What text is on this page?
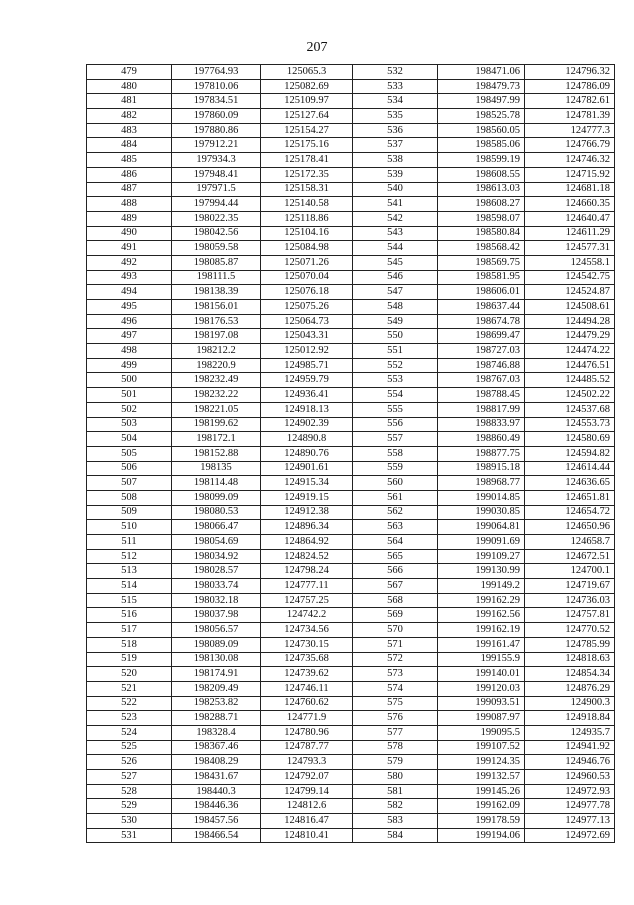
207
479	197764.93	125065.3	532	198471.06	124796.32
480	197810.06	125082.69	533	198479.73	124786.09
481	197834.51	125109.97	534	198497.99	124782.61
482	197860.09	125127.64	535	198525.78	124781.39
483	197880.86	125154.27	536	198560.05	124777.3
484	197912.21	125175.16	537	198585.06	124766.79
485	197934.3	125178.41	538	198599.19	124746.32
486	197948.41	125172.35	539	198608.55	124715.92
487	197971.5	125158.31	540	198613.03	124681.18
488	197994.44	125140.58	541	198608.27	124660.35
489	198022.35	125118.86	542	198598.07	124640.47
490	198042.56	125104.16	543	198580.84	124611.29
491	198059.58	125084.98	544	198568.42	124577.31
492	198085.87	125071.26	545	198569.75	124558.1
493	198111.5	125070.04	546	198581.95	124542.75
494	198138.39	125076.18	547	198606.01	124524.87
495	198156.01	125075.26	548	198637.44	124508.61
496	198176.53	125064.73	549	198674.78	124494.28
497	198197.08	125043.31	550	198699.47	124479.29
498	198212.2	125012.92	551	198727.03	124474.22
499	198220.9	124985.71	552	198746.88	124476.51
500	198232.49	124959.79	553	198767.03	124485.52
501	198232.22	124936.41	554	198788.45	124502.22
502	198221.05	124918.13	555	198817.99	124537.68
503	198199.62	124902.39	556	198833.97	124553.73
504	198172.1	124890.8	557	198860.49	124580.69
505	198152.88	124890.76	558	198877.75	124594.82
506	198135	124901.61	559	198915.18	124614.44
507	198114.48	124915.34	560	198968.77	124636.65
508	198099.09	124919.15	561	199014.85	124651.81
509	198080.53	124912.38	562	199030.85	124654.72
510	198066.47	124896.34	563	199064.81	124650.96
511	198054.69	124864.92	564	199091.69	124658.7
512	198034.92	124824.52	565	199109.27	124672.51
513	198028.57	124798.24	566	199130.99	124700.1
514	198033.74	124777.11	567	199149.2	124719.67
515	198032.18	124757.25	568	199162.29	124736.03
516	198037.98	124742.2	569	199162.56	124757.81
517	198056.57	124734.56	570	199162.19	124770.52
518	198089.09	124730.15	571	199161.47	124785.99
519	198130.08	124735.68	572	199155.9	124818.63
520	198174.91	124739.62	573	199140.01	124854.34
521	198209.49	124746.11	574	199120.03	124876.29
522	198253.82	124760.62	575	199093.51	124900.3
523	198288.71	124771.9	576	199087.97	124918.84
524	198328.4	124780.96	577	199095.5	124935.7
525	198367.46	124787.77	578	199107.52	124941.92
526	198408.29	124793.3	579	199124.35	124946.76
527	198431.67	124792.07	580	199132.57	124960.53
528	198440.3	124799.14	581	199145.26	124972.93
529	198446.36	124812.6	582	199162.09	124977.78
530	198457.56	124816.47	583	199178.59	124977.13
531	198466.54	124810.41	584	199194.06	124972.69
